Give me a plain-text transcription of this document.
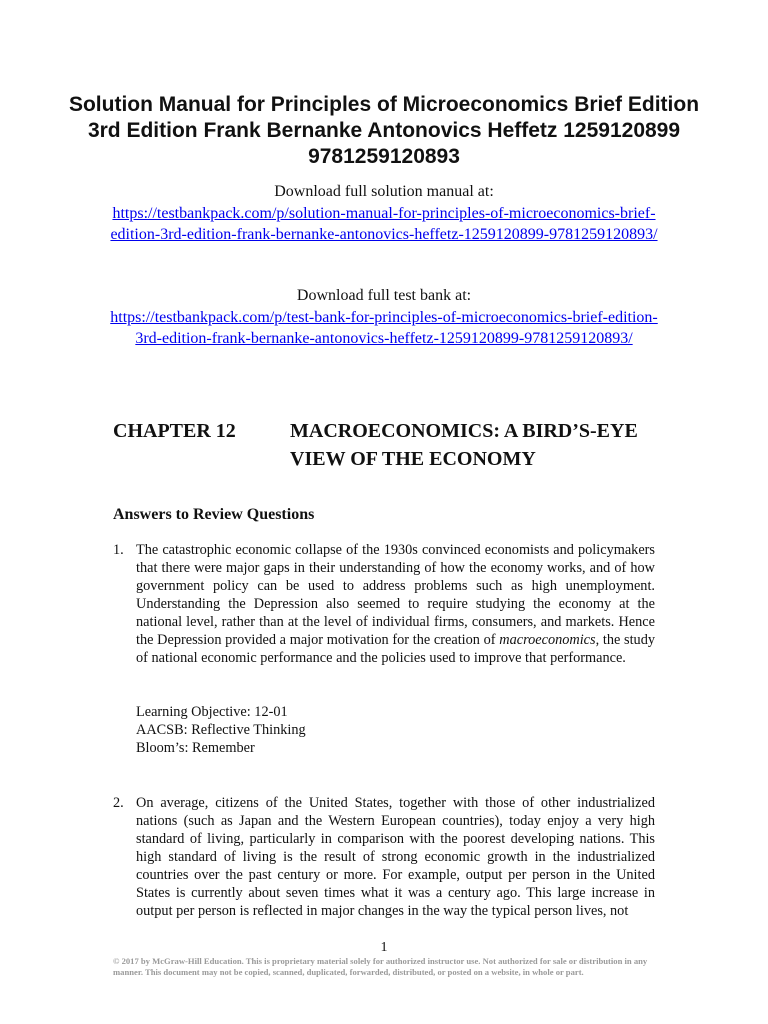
Solution Manual for Principles of Microeconomics Brief Edition 3rd Edition Frank Bernanke Antonovics Heffetz 1259120899 9781259120893
Download full solution manual at:
https://testbankpack.com/p/solution-manual-for-principles-of-microeconomics-brief-edition-3rd-edition-frank-bernanke-antonovics-heffetz-1259120899-9781259120893/
Download full test bank at:
https://testbankpack.com/p/test-bank-for-principles-of-microeconomics-brief-edition-3rd-edition-frank-bernanke-antonovics-heffetz-1259120899-9781259120893/
CHAPTER 12	MACROECONOMICS: A BIRD’S-EYE VIEW OF THE ECONOMY
Answers to Review Questions
1. The catastrophic economic collapse of the 1930s convinced economists and policymakers that there were major gaps in their understanding of how the economy works, and of how government policy can be used to address problems such as high unemployment. Understanding the Depression also seemed to require studying the economy at the national level, rather than at the level of individual firms, consumers, and markets. Hence the Depression provided a major motivation for the creation of macroeconomics, the study of national economic performance and the policies used to improve that performance.

Learning Objective: 12-01
AACSB: Reflective Thinking
Bloom’s: Remember
2. On average, citizens of the United States, together with those of other industrialized nations (such as Japan and the Western European countries), today enjoy a very high standard of living, particularly in comparison with the poorest developing nations. This high standard of living is the result of strong economic growth in the industrialized countries over the past century or more. For example, output per person in the United States is currently about seven times what it was a century ago. This large increase in output per person is reflected in major changes in the way the typical person lives, not

1
© 2017 by McGraw-Hill Education. This is proprietary material solely for authorized instructor use. Not authorized for sale or distribution in any manner. This document may not be copied, scanned, duplicated, forwarded, distributed, or posted on a website, in whole or part.
